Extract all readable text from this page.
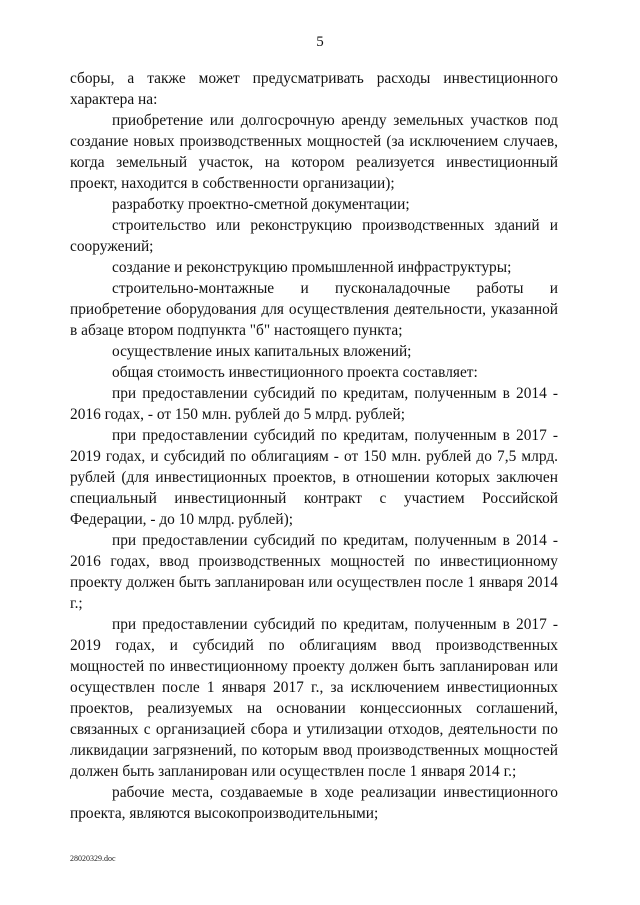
5

сборы, а также может предусматривать расходы инвестиционного характера на:

приобретение или долгосрочную аренду земельных участков под создание новых производственных мощностей (за исключением случаев, когда земельный участок, на котором реализуется инвестиционный проект, находится в собственности организации);

разработку проектно-сметной документации;

строительство или реконструкцию производственных зданий и сооружений;

создание и реконструкцию промышленной инфраструктуры;

строительно-монтажные и пусконаладочные работы и приобретение оборудования для осуществления деятельности, указанной в абзаце втором подпункта "б" настоящего пункта;

осуществление иных капитальных вложений;

общая стоимость инвестиционного проекта составляет:

при предоставлении субсидий по кредитам, полученным в 2014 - 2016 годах, - от 150 млн. рублей до 5 млрд. рублей;

при предоставлении субсидий по кредитам, полученным в 2017 - 2019 годах, и субсидий по облигациям - от 150 млн. рублей до 7,5 млрд. рублей (для инвестиционных проектов, в отношении которых заключен специальный инвестиционный контракт с участием Российской Федерации, - до 10 млрд. рублей);

при предоставлении субсидий по кредитам, полученным в 2014 - 2016 годах, ввод производственных мощностей по инвестиционному проекту должен быть запланирован или осуществлен после 1 января 2014 г.;

при предоставлении субсидий по кредитам, полученным в 2017 - 2019 годах, и субсидий по облигациям ввод производственных мощностей по инвестиционному проекту должен быть запланирован или осуществлен после 1 января 2017 г., за исключением инвестиционных проектов, реализуемых на основании концессионных соглашений, связанных с организацией сбора и утилизации отходов, деятельности по ликвидации загрязнений, по которым ввод производственных мощностей должен быть запланирован или осуществлен после 1 января 2014 г.;

рабочие места, создаваемые в ходе реализации инвестиционного проекта, являются высокопроизводительными;

28020329.doc
